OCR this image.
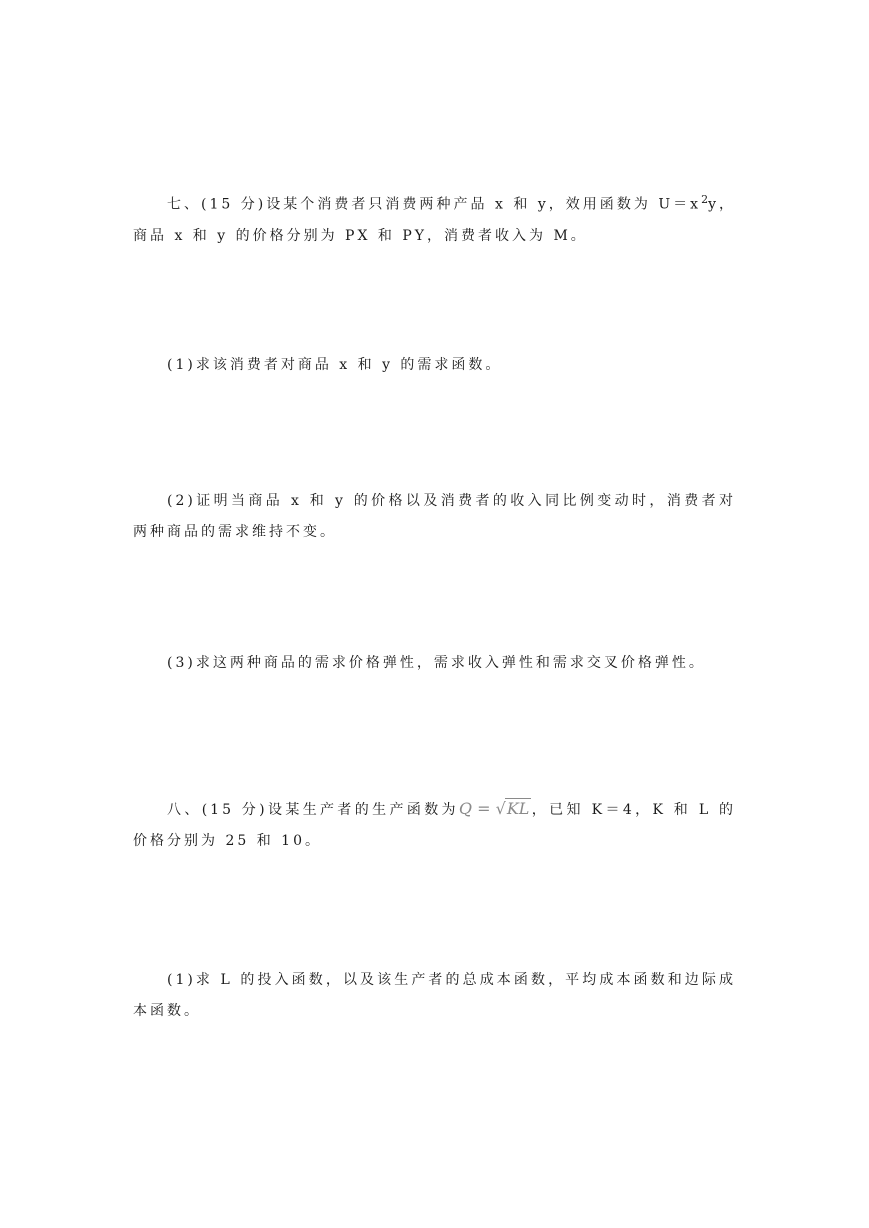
七、(15 分)设某个消费者只消费两种产品 x 和 y，效用函数为 $U=x^2y$，商品 x 和 y 的价格分别为 PX 和 PY，消费者收入为 M。

(1)求该消费者对商品 x 和 y 的需求函数。

(2)证明当商品 x 和 y 的价格以及消费者的收入同比例变动时，消费者对两种商品的需求维持不变。

(3)求这两种商品的需求价格弹性，需求收入弹性和需求交叉价格弹性。

八、(15 分)设某生产者的生产函数为Q = √KL ，已知 K＝4，K 和 L 的价格分别为 25 和 10。

(1)求 L 的投入函数，以及该生产者的总成本函数，平均成本函数和边际成本函数。
